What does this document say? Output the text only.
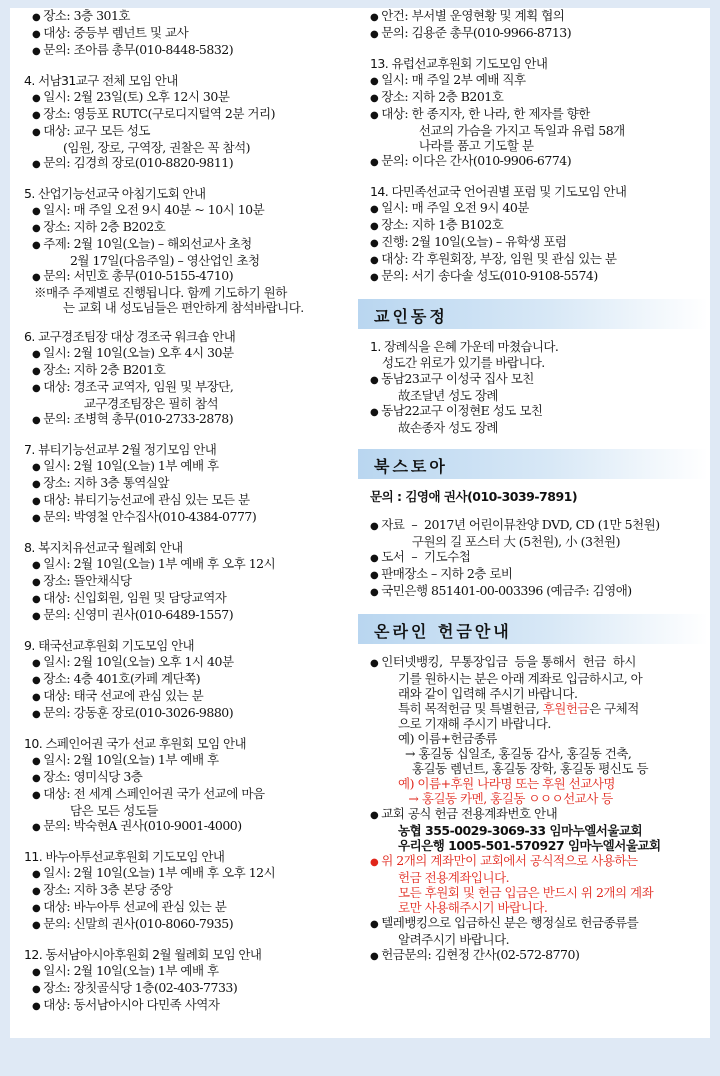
● 장소: 3층 301호
● 대상: 중등부 렘넌트 및 교사
● 문의: 조아름 총무(010-8448-5832)

4. 서남31교구 전체 모임 안내

● 일시: 2월 23일(토) 오후 12시 30분
● 장소: 영등포 RUTC(구로디지털역 2분 거리)
● 대상: 교구 모든 성도
(임원, 장로, 구역장, 권찰은 꼭 참석)
● 문의: 김경희 장로(010-8820-9811)

5. 산업기능선교국 아침기도회 안내

● 일시: 매 주일 오전 9시 40분 ~ 10시 10분
● 장소: 지하 2층 B202호
● 주제: 2월 10일(오늘) – 해외선교사 초청
2월 17일(다음주일) – 영산업인 초청
● 문의: 서민호 총무(010-5155-4710)
※매주 주제별로 진행됩니다. 함께 기도하기 원하
는 교회 내 성도님들은 편안하게 참석바랍니다.

6. 교구경조팀장 대상 경조국 워크숍 안내

● 일시: 2월 10일(오늘) 오후 4시 30분
● 장소: 지하 2층 B201호
● 대상: 경조국 교역자, 임원 및 부장단,
교구경조팀장은 필히 참석
● 문의: 조병혁 총무(010-2733-2878)

7. 뷰티기능선교부 2월 정기모임 안내

● 일시: 2월 10일(오늘) 1부 예배 후
● 장소: 지하 3층 통역실앞
● 대상: 뷰티기능선교에 관심 있는 모든 분
● 문의: 박영철 안수집사(010-4384-0777)

8. 복지치유선교국 월례회 안내

● 일시: 2월 10일(오늘) 1부 예배 후 오후 12시
● 장소: 뜰안채식당
● 대상: 신입회원, 임원 및 담당교역자
● 문의: 신영미 권사(010-6489-1557)

9. 태국선교후원회 기도모임 안내

● 일시: 2월 10일(오늘) 오후 1시 40분
● 장소: 4층 401호(카페 계단쪽)
● 대상: 태국 선교에 관심 있는 분
● 문의: 강동훈 장로(010-3026-9880)

10. 스페인어권 국가 선교 후원회 모임 안내

● 일시: 2월 10일(오늘) 1부 예배 후
● 장소: 영미식당 3층
● 대상: 전 세계 스페인어권 국가 선교에 마음
담은 모든 성도들
● 문의: 박숙현A 권사(010-9001-4000)

11. 바누아투선교후원회 기도모임 안내

● 일시: 2월 10일(오늘) 1부 예배 후 오후 12시
● 장소: 지하 3층 본당 중앙
● 대상: 바누아투 선교에 관심 있는 분
● 문의: 신말희 권사(010-8060-7935)

12. 동서남아시아후원회 2월 월례회 모임 안내

● 일시: 2월 10일(오늘) 1부 예배 후
● 장소: 장칫골식당 1층(02-403-7733)
● 대상: 동서남아시아 다민족 사역자
● 안건: 부서별 운영현황 및 계획 협의
● 문의: 김용준 총무(010-9966-8713)

13. 유럽선교후원회 기도모임 안내

● 일시: 매 주일 2부 예배 직후
● 장소: 지하 2층 B201호
● 대상: 한 종지자, 한 나라, 한 제자를 향한
선교의 가슴을 가지고 독일과 유럽 58개
나라를 품고 기도할 분
● 문의: 이다은 간사(010-9906-6774)

14. 다민족선교국 언어권별 포럼 및 기도모임 안내

● 일시: 매 주일 오전 9시 40분
● 장소: 지하 1층 B102호
● 진행: 2월 10일(오늘) – 유학생 포럼
● 대상: 각 후원회장, 부장, 임원 및 관심 있는 분
● 문의: 서기 송다솔 성도(010-9108-5574)
교인동정

1. 장례식을 은혜 가운데 마쳤습니다.

성도간 위로가 있기를 바랍니다.

● 동남23교구 이성국 집사 모친
故조달년 성도 장례
● 동남22교구 이정현E 성도 모친
故손종자 성도 장례
북스토아

문의 : 김영애 권사(010-3039-7891)

● 자료  –  2017년 어린이뮤찬양 DVD, CD (1만 5천원)
구원의 길 포스터 大 (5천원), 小 (3천원)
● 도서  –  기도수첩
● 판매장소 – 지하 2층 로비
● 국민은행 851401-00-003396 (예금주: 김영애)
온라인 헌금안내
● 인터넷뱅킹,  무통장입금  등을 통해서  헌금  하시
기를 원하시는 분은 아래 계좌로 입금하시고, 아
래와 같이 입력해 주시기 바랍니다.
특히 목적헌금 및 특별헌금, 후원헌금은 구체적
으로 기재해 주시기 바랍니다.
예) 이름+헌금종류
→ 홍길동 십일조, 홍길동 감사, 홍길동 건축,
홍길동 렘넌트, 홍길동 장학, 홍길동 평신도 등
예) 이름+후원 나라명 또는 후원 선교사명
→ 홍길동 카멘, 홍길동 ㅇㅇㅇ선교사 등
● 교회 공식 헌금 전용계좌번호 안내
농협 355-0029-3069-33 임마누엘서울교회
우리은행 1005-501-570927 임마누엘서울교회
● 위 2개의 계좌만이 교회에서 공식적으로 사용하는
헌금 전용계좌입니다.
모든 후원회 및 헌금 입금은 반드시 위 2개의 계좌
로만 사용해주시기 바랍니다.
● 텔레뱅킹으로 입금하신 분은 행정실로 헌금종류를
알려주시기 바랍니다.
● 헌금문의: 김현정 간사(02-572-8770)
